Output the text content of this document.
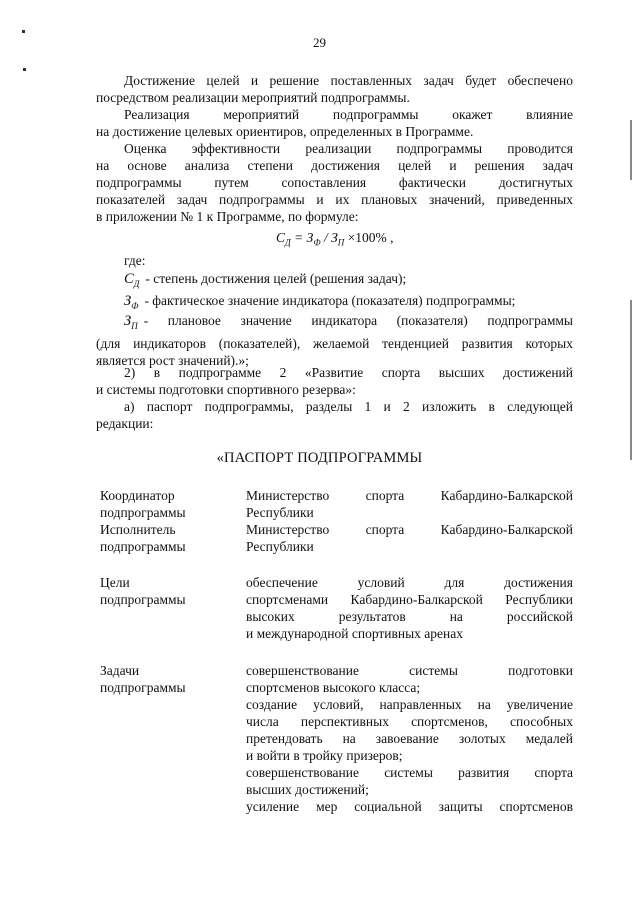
29
Достижение целей и решение поставленных задач будет обеспечено
посредством реализации мероприятий подпрограммы.
Реализация мероприятий подпрограммы окажет влияние
на достижение целевых ориентиров, определенных в Программе.
Оценка эффективности реализации подпрограммы проводится
на основе анализа степени достижения целей и решения задач
подпрограммы путем сопоставления фактически достигнутых
показателей задач подпрограммы и их плановых значений, приведенных
в приложении № 1 к Программе, по формуле:
$С_Д = З_Ф / З_П \times 100\%$ ,
где:
$С_Д$ - степень достижения целей (решения задач);
$З_Ф$ - фактическое значение индикатора (показателя) подпрограммы;
$З_П$ - плановое значение индикатора (показателя) подпрограммы
(для индикаторов (показателей), желаемой тенденцией развития которых
является рост значений).»;
2) в подпрограмме 2 «Развитие спорта высших достижений
и системы подготовки спортивного резерва»:
а) паспорт подпрограммы, разделы 1 и 2 изложить в следующей
редакции:
«ПАСПОРТ ПОДПРОГРАММЫ
Координатор
подпрограммы
Министерство спорта Кабардино-Балкарской
Республики
Исполнитель
подпрограммы
Министерство спорта Кабардино-Балкарской
Республики
Цели
подпрограммы
обеспечение условий для достижения
спортсменами Кабардино-Балкарской Республики
высоких результатов на российской
и международной спортивных аренах
Задачи
подпрограммы
совершенствование системы подготовки
спортсменов высокого класса;
создание условий, направленных на увеличение
числа перспективных спортсменов, способных
претендовать на завоевание золотых медалей
и войти в тройку призеров;
совершенствование системы развития спорта
высших достижений;
усиление мер социальной защиты спортсменов
